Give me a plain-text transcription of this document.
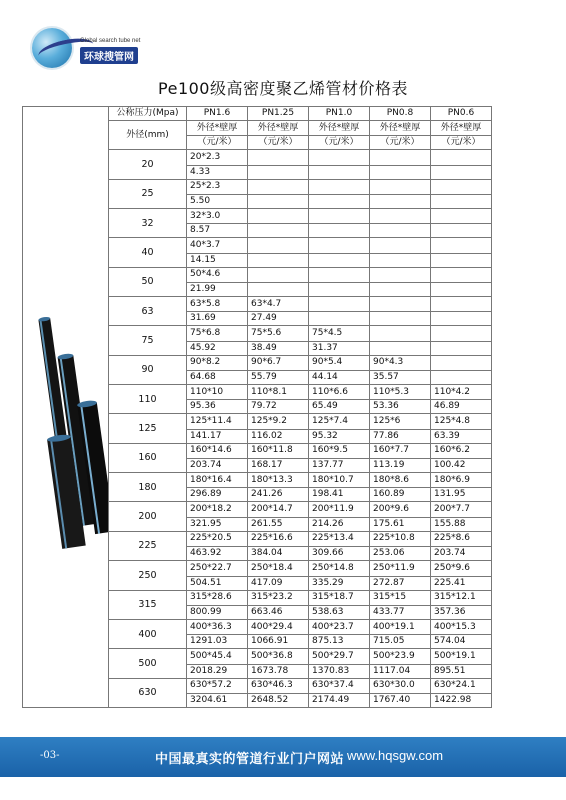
Global search tube net
环球搜管网
Pe100级高密度聚乙烯管材价格表
	公称压力(Mpa)	PN1.6	PN1.25	PN1.0	PN0.8	PN0.6
	外径(mm)	外径*壁厚	外径*壁厚	外径*壁厚	外径*壁厚	外径*壁厚
		（元/米）	（元/米）	（元/米）	（元/米）	（元/米）
	20	20*2.3				
		4.33				
	25	25*2.3				
		5.50				
	32	32*3.0				
		8.57				
	40	40*3.7				
		14.15				
	50	50*4.6				
		21.99				
	63	63*5.8	63*4.7			
		31.69	27.49			
	75	75*6.8	75*5.6	75*4.5		
		45.92	38.49	31.37		
	90	90*8.2	90*6.7	90*5.4	90*4.3	
		64.68	55.79	44.14	35.57	
	110	110*10	110*8.1	110*6.6	110*5.3	110*4.2
		95.36	79.72	65.49	53.36	46.89
	125	125*11.4	125*9.2	125*7.4	125*6	125*4.8
		141.17	116.02	95.32	77.86	63.39
	160	160*14.6	160*11.8	160*9.5	160*7.7	160*6.2
		203.74	168.17	137.77	113.19	100.42
	180	180*16.4	180*13.3	180*10.7	180*8.6	180*6.9
		296.89	241.26	198.41	160.89	131.95
	200	200*18.2	200*14.7	200*11.9	200*9.6	200*7.7
		321.95	261.55	214.26	175.61	155.88
	225	225*20.5	225*16.6	225*13.4	225*10.8	225*8.6
		463.92	384.04	309.66	253.06	203.74
	250	250*22.7	250*18.4	250*14.8	250*11.9	250*9.6
		504.51	417.09	335.29	272.87	225.41
	315	315*28.6	315*23.2	315*18.7	315*15	315*12.1
		800.99	663.46	538.63	433.77	357.36
	400	400*36.3	400*29.4	400*23.7	400*19.1	400*15.3
		1291.03	1066.91	875.13	715.05	574.04
	500	500*45.4	500*36.8	500*29.7	500*23.9	500*19.1
		2018.29	1673.78	1370.83	1117.04	895.51
	630	630*57.2	630*46.3	630*37.4	630*30.0	630*24.1
		3204.61	2648.52	2174.49	1767.40	1422.98
-03-	中国最真实的管道行业门户网站 www.hqsgw.com
